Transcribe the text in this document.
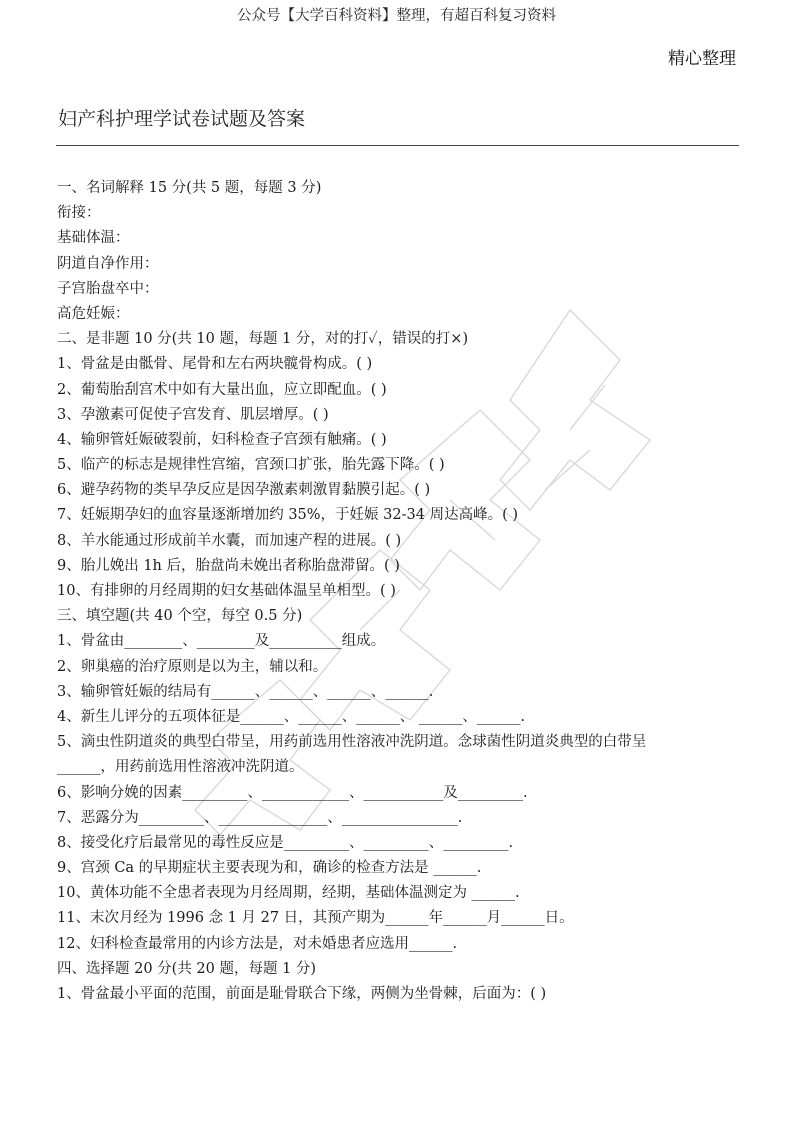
公众号【大学百科资料】整理，有超百科复习资料
精心整理
妇产科护理学试卷试题及答案
一、名词解释 15 分(共 5 题，每题 3 分)
衔接：
基础体温：
阴道自净作用：
子宫胎盘卒中：
高危妊娠：
二、是非题 10 分(共 10 题，每题 1 分，对的打✓，错误的打×)
1、骨盆是由骶骨、尾骨和左右两块髋骨构成。( )
2、葡萄胎刮宫术中如有大量出血，应立即配血。( )
3、孕激素可促使子宫发育、肌层增厚。( )
4、输卵管妊娠破裂前，妇科检查子宫颈有触痛。( )
5、临产的标志是规律性宫缩，宫颈口扩张，胎先露下降。( )
6、避孕药物的类早孕反应是因孕激素刺激胃黏膜引起。( )
7、妊娠期孕妇的血容量逐渐增加约 35%，于妊娠 32-34 周达高峰。( )
8、羊水能通过形成前羊水囊，而加速产程的进展。( )
9、胎儿娩出 1h 后，胎盘尚未娩出者称胎盘滞留。( )
10、有排卵的月经周期的妇女基础体温呈单相型。( )
三、填空题(共 40 个空，每空 0.5 分)
1、骨盆由________、________及__________组成。
2、卵巢癌的治疗原则是以为主，辅以和。
3、输卵管妊娠的结局有______、______、______、______.
4、新生儿评分的五项体征是______、______、______、 ______、______.
5、滴虫性阴道炎的典型白带呈，用药前选用性溶液冲洗阴道。念球菌性阴道炎典型的白带呈
______，用药前选用性溶液冲洗阴道。
6、影响分娩的因素_________、____________、___________及_________.
7、恶露分为_________、_______________、________________.
8、接受化疗后最常见的毒性反应是_________、_________、_________.
9、宫颈 Ca 的早期症状主要表现为和，确诊的检查方法是 ______.
10、黄体功能不全患者表现为月经周期，经期，基础体温测定为 ______.
11、末次月经为 1996 念 1 月 27 日，其预产期为______年______月______日。
12、妇科检查最常用的内诊方法是，对未婚患者应选用______.
四、选择题 20 分(共 20 题，每题 1 分)
1、骨盆最小平面的范围，前面是耻骨联合下缘，两侧为坐骨棘，后面为：( )
